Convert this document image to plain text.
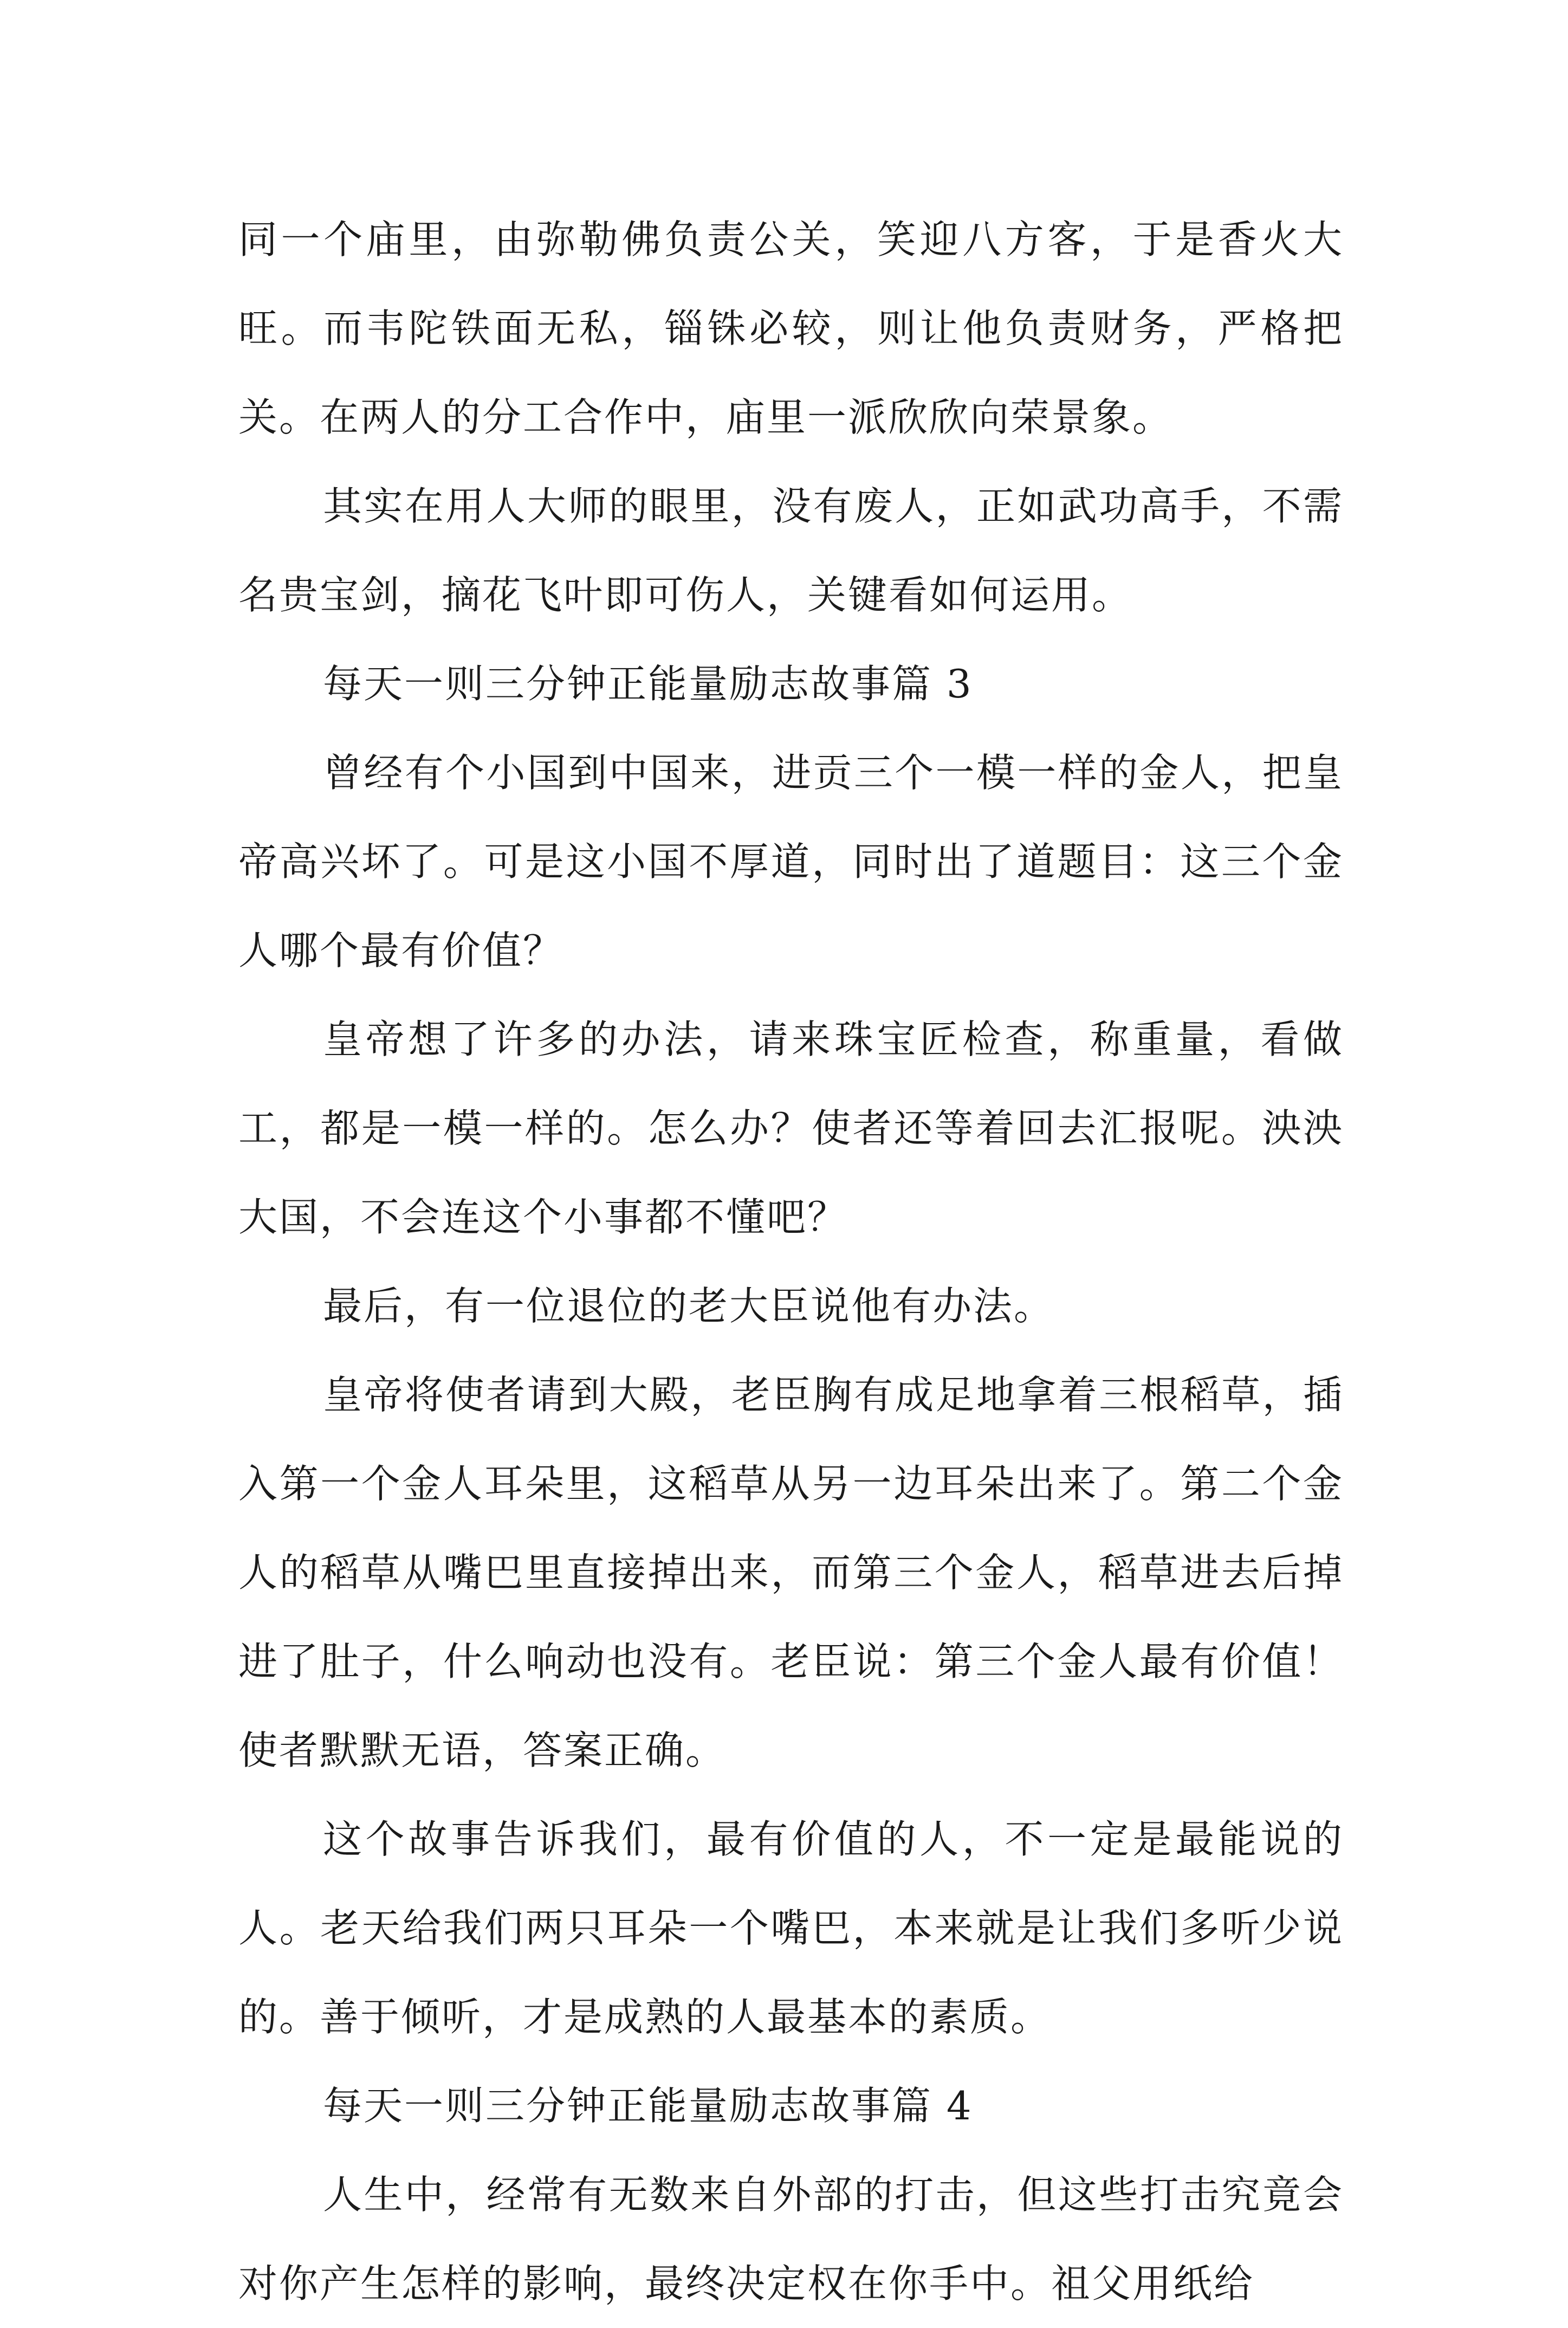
同一个庙里，由弥勒佛负责公关，笑迎八方客，于是香火大旺。而韦陀铁面无私，锱铢必较，则让他负责财务，严格把关。在两人的分工合作中，庙里一派欣欣向荣景象。

其实在用人大师的眼里，没有废人，正如武功高手，不需名贵宝剑，摘花飞叶即可伤人，关键看如何运用。

每天一则三分钟正能量励志故事篇 3

曾经有个小国到中国来，进贡三个一模一样的金人，把皇帝高兴坏了。可是这小国不厚道，同时出了道题目：这三个金人哪个最有价值？

皇帝想了许多的办法，请来珠宝匠检查，称重量，看做工，都是一模一样的。怎么办？使者还等着回去汇报呢。泱泱大国，不会连这个小事都不懂吧？

最后，有一位退位的老大臣说他有办法。

皇帝将使者请到大殿，老臣胸有成足地拿着三根稻草，插入第一个金人耳朵里，这稻草从另一边耳朵出来了。第二个金人的稻草从嘴巴里直接掉出来，而第三个金人，稻草进去后掉进了肚子，什么响动也没有。老臣说：第三个金人最有价值！使者默默无语，答案正确。

这个故事告诉我们，最有价值的人，不一定是最能说的人。老天给我们两只耳朵一个嘴巴，本来就是让我们多听少说的。善于倾听，才是成熟的人最基本的素质。

每天一则三分钟正能量励志故事篇 4

人生中，经常有无数来自外部的打击，但这些打击究竟会对你产生怎样的影响，最终决定权在你手中。祖父用纸给
